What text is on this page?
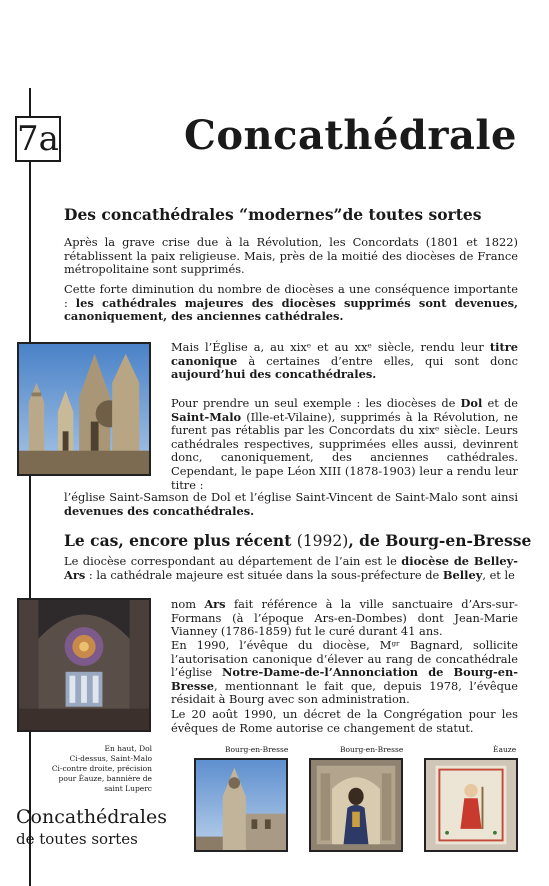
7a	Concathédrale
Des concathédrales “modernes”de toutes sortes

Après la grave crise due à la Révolution, les Concordats (1801 et 1822) rétablissent la paix religieuse. Mais, près de la moitié des diocèses de France métropolitaine sont supprimés.

Cette forte diminution du nombre de diocèses a une conséquence importante : les cathédrales majeures des diocèses supprimés sont devenues, canoniquement, des anciennes cathédrales.

Mais l’Église a, au xixᵉ et au xxᵉ siècle, rendu leur titre canonique à certaines d’entre elles, qui sont donc aujourd’hui des concathédrales.

Pour prendre un seul exemple : les diocèses de Dol et de Saint-Malo (Ille-et-Vilaine), supprimés à la Révolution, ne furent pas rétablis par les Concordats du xixᵉ siècle. Leurs cathédrales respectives, supprimées elles aussi, devinrent donc, canoniquement, des anciennes cathédrales. Cependant, le pape Léon XIII (1878-1903) leur a rendu leur titre :

l’église Saint-Samson de Dol et l’église Saint-Vincent de Saint-Malo sont ainsi devenues des concathédrales.

Le cas, encore plus récent (1992), de Bourg-en-Bresse

Le diocèse correspondant au département de l’ain est le diocèse de Belley-Ars : la cathédrale majeure est située dans la sous-préfecture de Belley, et le

nom Ars fait référence à la ville sanctuaire d’Ars-sur-Formans (à l’époque Ars-en-Dombes) dont Jean-Marie Vianney (1786-1859) fut le curé durant 41 ans.

En 1990, l’évêque du diocèse, Mᵍʳ Bagnard, sollicite l’autorisation canonique d’élever au rang de concathédrale l’église Notre-Dame-de-l’Annonciation de Bourg-en-Bresse, mentionnant le fait que, depuis 1978, l’évêque résidait à Bourg avec son administration.

Le 20 août 1990, un décret de la Congrégation pour les évêques de Rome autorise ce changement de statut.

En haut, Dol
Ci-dessus, Saint-Malo
Ci-contre droite, précision pour Èauze, bannière de saint Luperc
Bourg-en-Bresse	Bourg-en-Bresse	Èauze
Concathédrales
de toutes sortes
